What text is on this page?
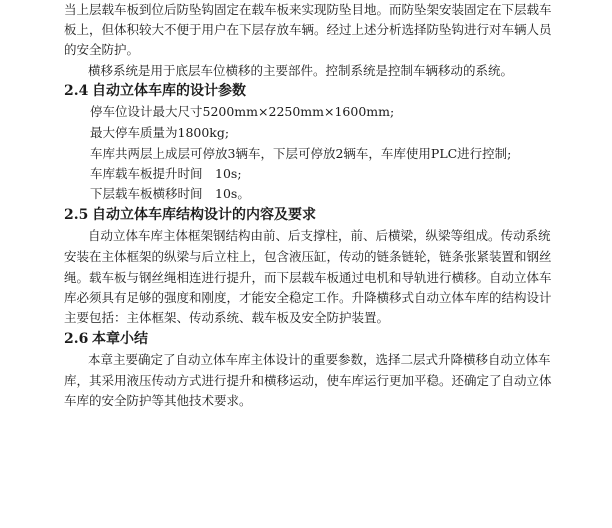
当上层载车板到位后防坠钩固定在载车板来实现防坠目地。而防坠架安装固定在下层载车
板上，但体积较大不便于用户在下层存放车辆。经过上述分析选择防坠钩进行对车辆人员
的安全防护。
横移系统是用于底层车位横移的主要部件。控制系统是控制车辆移动的系统。
2.4 自动立体车库的设计参数
停车位设计最大尺寸5200mm×2250mm×1600mm;
最大停车质量为1800kg;
车库共两层上成层可停放3辆车，下层可停放2辆车，车库使用PLC进行控制;
车库载车板提升时间　10s;
下层载车板横移时间　10s。
2.5 自动立体车库结构设计的内容及要求
自动立体车库主体框架钢结构由前、后支撑柱，前、后横梁，纵梁等组成。传动系统
安装在主体框架的纵梁与后立柱上，包含液压缸，传动的链条链轮，链条张紧装置和钢丝
绳。载车板与钢丝绳相连进行提升，而下层载车板通过电机和导轨进行横移。自动立体车
库必须具有足够的强度和刚度，才能安全稳定工作。升降横移式自动立体车库的结构设计
主要包括：主体框架、传动系统、载车板及安全防护装置。
2.6 本章小结
本章主要确定了自动立体车库主体设计的重要参数，选择二层式升降横移自动立体车
库，其采用液压传动方式进行提升和横移运动，使车库运行更加平稳。还确定了自动立体
车库的安全防护等其他技术要求。
